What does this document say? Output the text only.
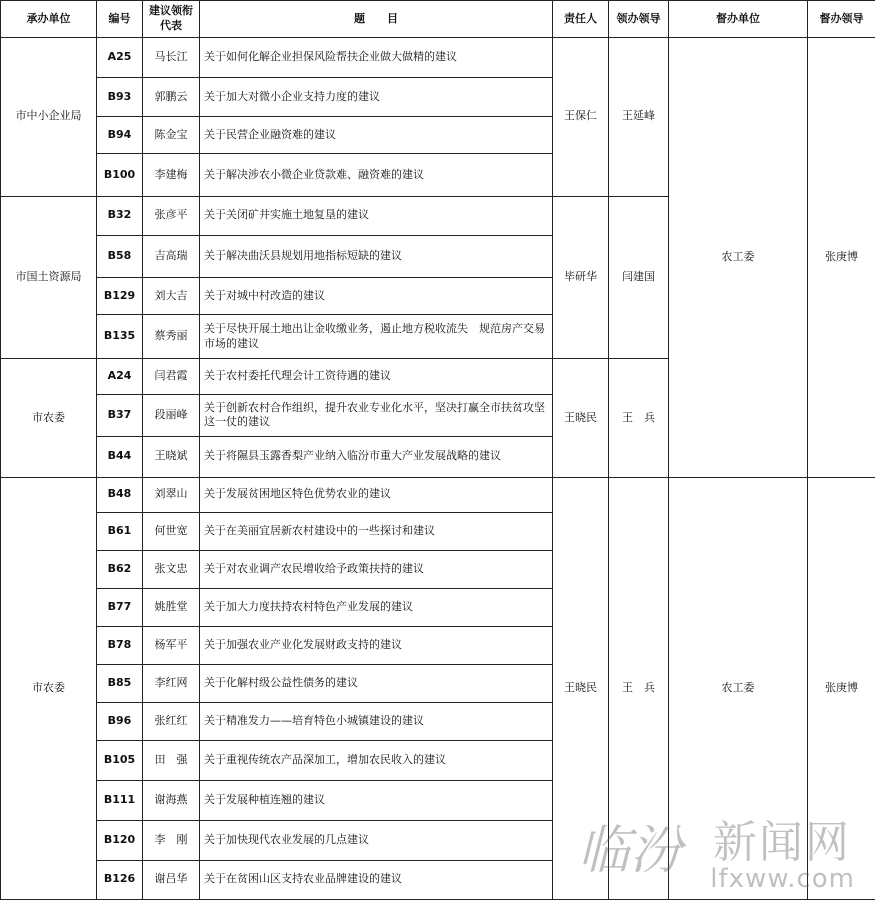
承办单位	编号	建议领衔代表	题　　目	责任人	领办领导	督办单位	督办领导
市中小企业局	A25	马长江	关于如何化解企业担保风险帮扶企业做大做精的建议	王保仁	王延峰	农工委	张庚博
	B93	郭鹏云	关于加大对微小企业支持力度的建议				
	B94	陈金宝	关于民营企业融资难的建议				
	B100	李建梅	关于解决涉农小微企业贷款难、融资难的建议				
市国土资源局	B32	张彦平	关于关闭矿井实施土地复垦的建议	毕研华	闫建国		
	B58	吉高瑞	关于解决曲沃县规划用地指标短缺的建议				
	B129	刘大吉	关于对城中村改造的建议				
	B135	蔡秀丽	关于尽快开展土地出让金收缴业务，遏止地方税收流失　规范房产交易市场的建议				
市农委	A24	闫君霞	关于农村委托代理会计工资待遇的建议	王晓民	王　兵		
	B37	段丽峰	关于创新农村合作组织，提升农业专业化水平，坚决打赢全市扶贫攻坚这一仗的建议				
	B44	王晓斌	关于将隰县玉露香梨产业纳入临汾市重大产业发展战略的建议				
市农委	B48	刘翠山	关于发展贫困地区特色优势农业的建议	王晓民	王　兵	农工委	张庚博
	B61	何世宽	关于在美丽宜居新农村建设中的一些探讨和建议				
	B62	张文忠	关于对农业调产农民增收给予政策扶持的建议				
	B77	姚胜堂	关于加大力度扶持农村特色产业发展的建议				
	B78	杨军平	关于加强农业产业化发展财政支持的建议				
	B85	李红网	关于化解村级公益性债务的建议				
	B96	张红红	关于精准发力——培育特色小城镇建设的建议				
	B105	田　强	关于重视传统农产品深加工，增加农民收入的建议				
	B111	谢海燕	关于发展种植连翘的建议				
	B120	李　刚	关于加快现代农业发展的几点建议				
	B126	谢吕华	关于在贫困山区支持农业品牌建设的建议					临汾 新闻网
lfxww.com
